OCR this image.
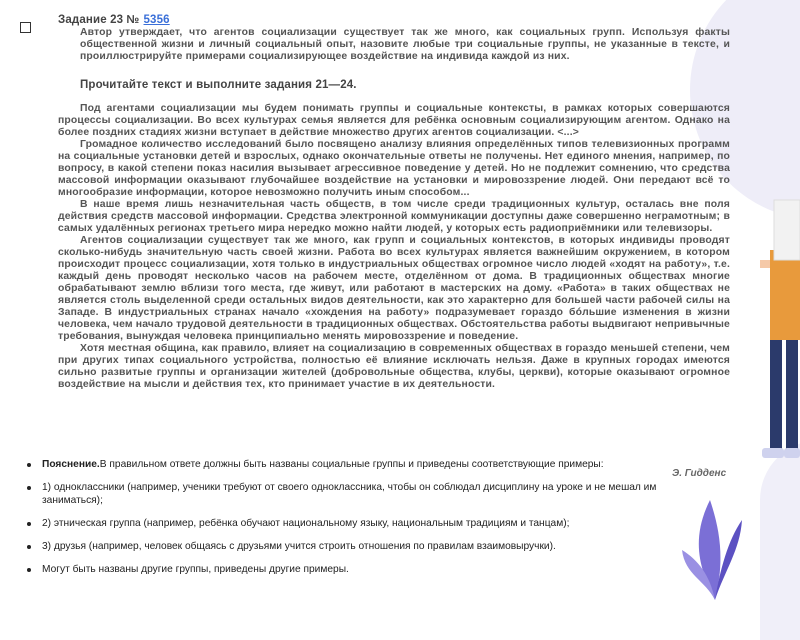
Задание 23 № 5356

Автор утверждает, что агентов социализации существует так же много, как социальных групп. Используя факты общественной жизни и личный социальный опыт, назовите любые три социальные группы, не указанные в тексте, и проиллюстрируйте примерами социализирующее воздействие на индивида каждой из них.

Прочитайте текст и выполните задания 21—24.

Под агентами социализации мы будем понимать группы и социальные контексты, в рамках которых совершаются процессы социализации. Во всех культурах семья является для ребёнка основным социализирующим агентом. Однако на более поздних стадиях жизни вступает в действие множество других агентов социализации. <...>

Громадное количество исследований было посвящено анализу влияния определённых типов телевизионных программ на социальные установки детей и взрослых, однако окончательные ответы не получены. Нет единого мнения, например, по вопросу, в какой степени показ насилия вызывает агрессивное поведение у детей. Но не подлежит сомнению, что средства массовой информации оказывают глубочайшее воздействие на установки и мировоззрение людей. Они передают всё то многообразие информации, которое невозможно получить иным способом...

В наше время лишь незначительная часть обществ, в том числе среди традиционных культур, осталась вне поля действия средств массовой информации. Средства электронной коммуникации доступны даже совершенно неграмотным; в самых удалённых регионах третьего мира нередко можно найти людей, у которых есть радиоприёмники или телевизоры.

Агентов социализации существует так же много, как групп и социальных контекстов, в которых индивиды проводят сколько-нибудь значительную часть своей жизни. Работа во всех культурах является важнейшим окружением, в котором происходит процесс социализации, хотя только в индустриальных обществах огромное число людей «ходят на работу», т.е. каждый день проводят несколько часов на рабочем месте, отделённом от дома. В традиционных обществах многие обрабатывают землю вблизи того места, где живут, или работают в мастерских на дому. «Работа» в таких обществах не является столь выделенной среди остальных видов деятельности, как это характерно для большей части рабочей силы на Западе. В индустриальных странах начало «хождения на работу» подразумевает гораздо бóльшие изменения в жизни человека, чем начало трудовой деятельности в традиционных обществах. Обстоятельства работы выдвигают непривычные требования, вынуждая человека принципиально менять мировоззрение и поведение.

Хотя местная община, как правило, влияет на социализацию в современных обществах в гораздо меньшей степени, чем при других типах социального устройства, полностью её влияние исключать нельзя. Даже в крупных городах имеются сильно развитые группы и организации жителей (добровольные общества, клубы, церкви), которые оказывают огромное воздействие на мысли и действия тех, кто принимает участие в их деятельности.

Э. Гидденс
Пояснение.В правильном ответе должны быть названы социальные группы и приведены соответствующие примеры:
1) одноклассники (например, ученики требуют от своего одноклассника, чтобы он соблюдал дисциплину на уроке и не мешал им заниматься);
2) этническая группа (например, ребёнка обучают национальному языку, национальным традициям и танцам);
3) друзья (например, человек общаясь с друзьями учится строить отношения по правилам взаимовыручки).
Могут быть названы другие группы, приведены другие примеры.
